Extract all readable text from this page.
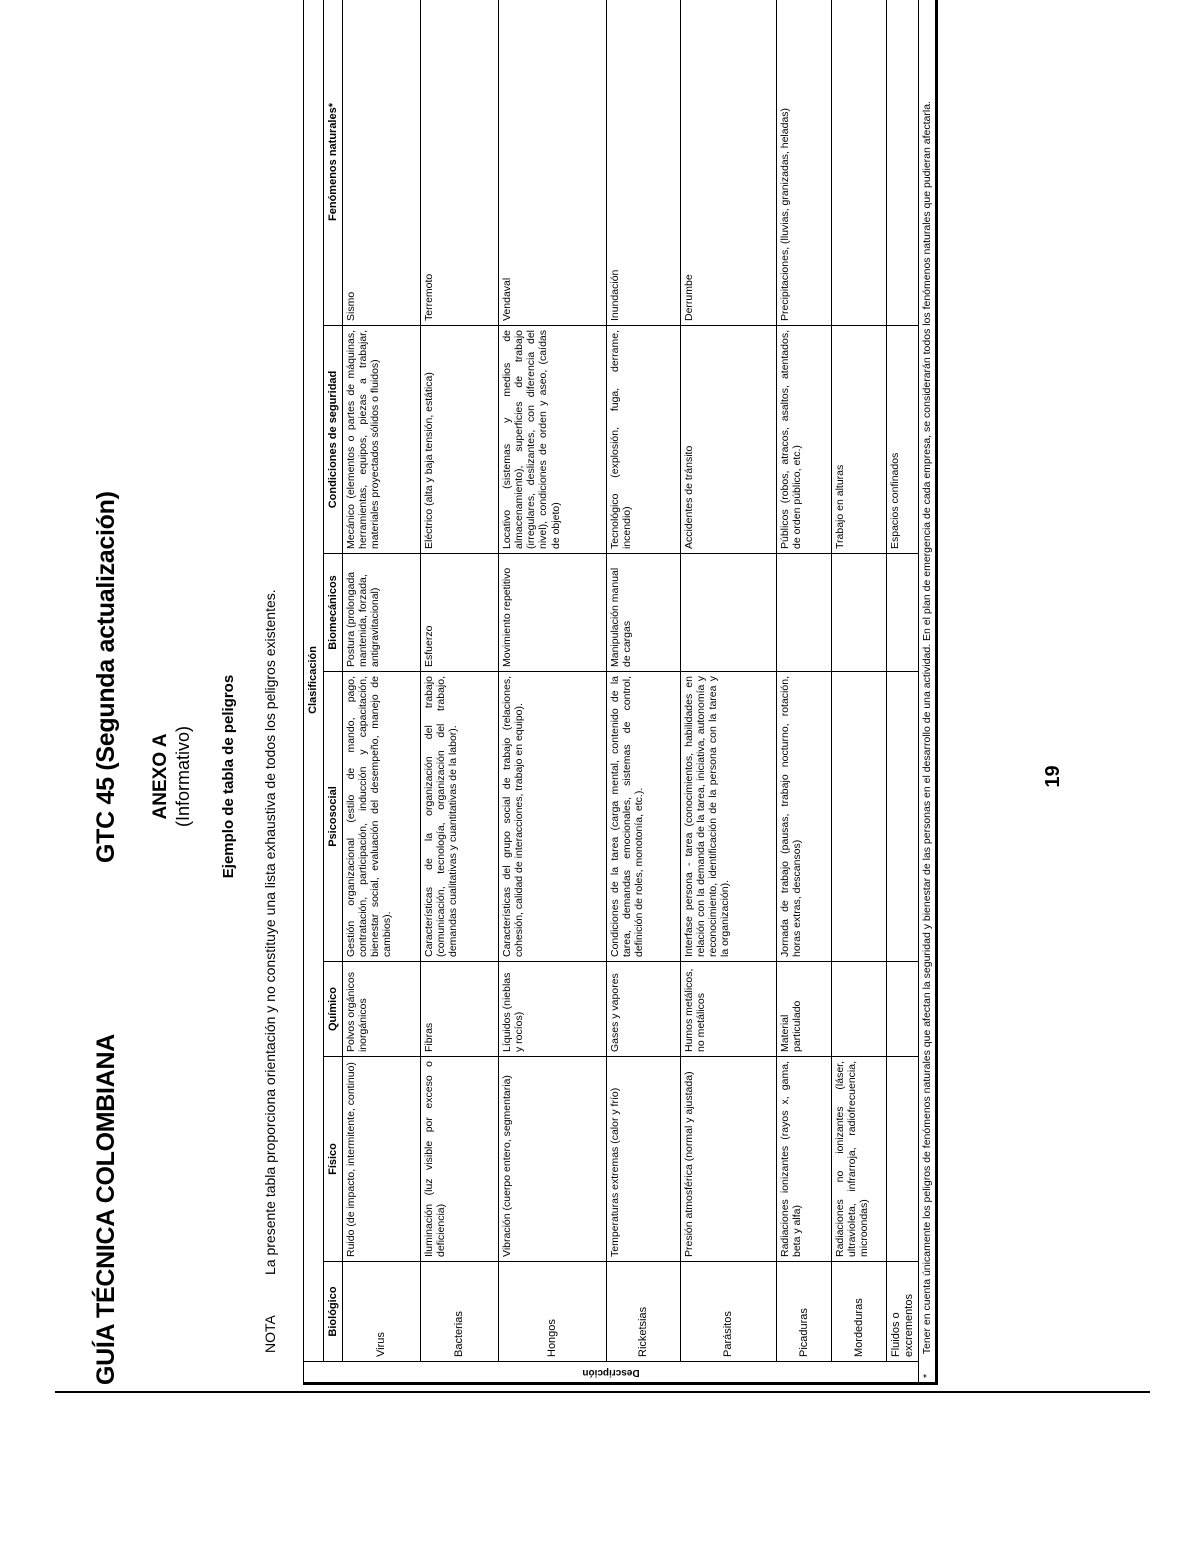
GUÍA TÉCNICA COLOMBIANA
GTC 45 (Segunda actualización) ANEXO A (Informativo) Ejemplo de tabla de peligros
NOTA
La presente tabla proporciona orientación y no constituye una lista exhaustiva de todos los peligros existentes.
Descripción	Clasificación						
	Biológico	Físico	Químico	Psicosocial	Biomecánicos	Condiciones de seguridad	Fenómenos naturales*
	Virus	Ruido (de impacto, intermitente, continuo)	Polvos orgánicos inorgánicos	Gestión organizacional (estilo de mando, pago, contratación, participación, inducción y capacitación, bienestar social, evaluación del desempeño, manejo de cambios).	Postura (prolongada mantenida, forzada, antigravitacional)	Mecánico (elementos o partes de máquinas, herramientas, equipos, piezas a trabajar, materiales proyectados sólidos o fluidos)	Sismo
	Bacterias	Iluminación (luz visible por exceso o deficiencia)	Fibras	Características de la organización del trabajo (comunicación, tecnología, organización del trabajo, demandas cualitativas y cuantitativas de la labor).	Esfuerzo	Eléctrico (alta y baja tensión, estática)	Terremoto
	Hongos	Vibración (cuerpo entero, segmentaria)	Líquidos (nieblas y rocíos)	Características del grupo social de trabajo (relaciones, cohesión, calidad de interacciones, trabajo en equipo).	Movimiento repetitivo	Locativo (sistemas y medios de almacenamiento), superficies de trabajo (irregulares, deslizantes, con diferencia del nivel), condiciones de orden y aseo, (caídas de objeto)	Vendaval
	Ricketsias	Temperaturas extremas (calor y frío)	Gases y vapores	Condiciones de la tarea (carga mental, contenido de la tarea, demandas emocionales, sistemas de control, definición de roles, monotonía, etc.).	Manipulación manual de cargas	Tecnológico (explosión, fuga, derrame, incendio)	Inundación
	Parásitos	Presión atmosférica (normal y ajustada)	Humos metálicos, no metálicos	Interfase persona - tarea (conocimientos, habilidades en relación con la demanda de la tarea, iniciativa, autonomía y reconocimiento, identificación de la persona con la tarea y la organización).		Accidentes de tránsito	Derrumbe
	Picaduras	Radiaciones ionizantes (rayos x, gama, beta y alfa)	Material particulado	Jornada de trabajo (pausas, trabajo nocturno, rotación, horas extras, descansos)		Públicos (robos, atracos, asaltos, atentados, de orden público, etc.)	Precipitaciones, (lluvias, granizadas, heladas)
	Mordeduras	Radiaciones no ionizantes (láser, ultravioleta, infrarroja, radiofrecuencia, microondas)				Trabajo en alturas	
	Fluidos o excrementos					Espacios confinados	
*  Tener en cuenta únicamente los peligros de fenómenos naturales que afectan la seguridad y bienestar de las personas en el desarrollo de una actividad. En el plan de emergencia de cada empresa, se considerarán todos los fenómenos naturales que pudieran afectarla.								19
